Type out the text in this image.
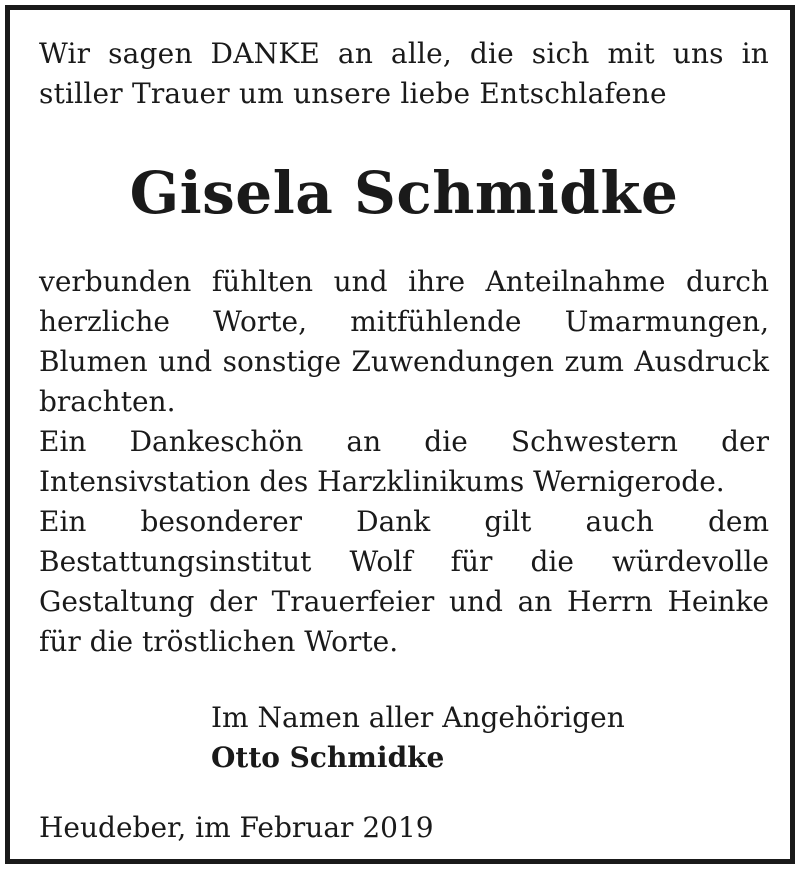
Wir sagen DANKE an alle, die sich mit uns in
stiller Trauer um unsere liebe Entschlafene

Gisela Schmidke

verbunden fühlten und ihre Anteilnahme durch herzliche Worte, mitfühlende Umarmungen, Blumen und sonstige Zuwendungen zum Ausdruck brachten.

Ein Dankeschön an die Schwestern der Intensivstation des Harzklinikums Wernigerode.

Ein besonderer Dank gilt auch dem Bestattungsinstitut Wolf für die würdevolle Gestaltung der Trauerfeier und an Herrn Heinke für die tröstlichen Worte.

Im Namen aller Angehörigen
Otto Schmidke
Heudeber, im Februar 2019
